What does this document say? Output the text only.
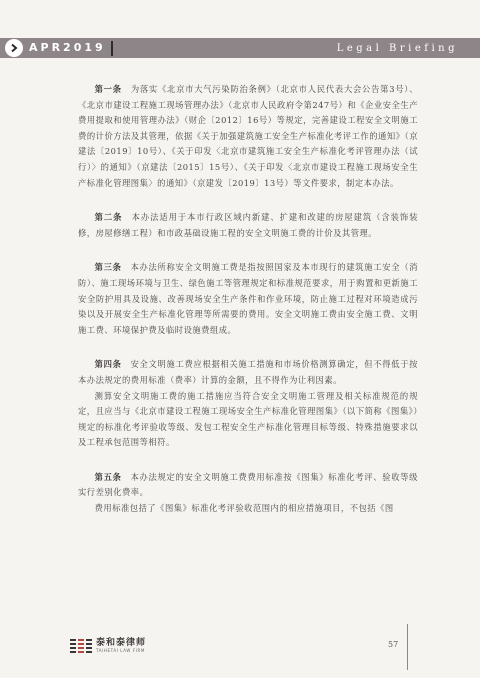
APR2019	Legal Briefing

第一条　 为落实《北京市大气污染防治条例》（北京市人民代表大会公告第3号）、《北京市建设工程施工现场管理办法》（北京市人民政府令第247号）和《企业安全生产费用提取和使用管理办法》（财企〔2012〕16号）等规定，完善建设工程安全文明施工费的计价方法及其管理，依据《关于加强建筑施工安全生产标准化考评工作的通知》（京建法〔2019〕10号）、《关于印发〈北京市建筑施工安全生产标准化考评管理办法（试行）〉的通知》（京建法〔2015〕15号）、《关于印发〈北京市建设工程施工现场安全生产标准化管理图集〉的通知》（京建发〔2019〕13号）等文件要求，制定本办法。

第二条　 本办法适用于本市行政区域内新建、扩建和改建的房屋建筑（含装饰装修，房屋修缮工程）和市政基础设施工程的安全文明施工费的计价及其管理。

第三条　 本办法所称安全文明施工费是指按照国家及本市现行的建筑施工安全（消防）、施工现场环境与卫生、绿色施工等管理规定和标准规范要求，用于购置和更新施工安全防护用具及设施、改善现场安全生产条件和作业环境，防止施工过程对环境造成污染以及开展安全生产标准化管理等所需要的费用。安全文明施工费由安全施工费、文明施工费、环境保护费及临时设施费组成。

第四条　 安全文明施工费应根据相关施工措施和市场价格测算确定，但不得低于按本办法规定的费用标准（费率）计算的金额，且不得作为让利因素。

测算安全文明施工费的施工措施应当符合安全文明施工管理及相关标准规范的规定，且应当与《北京市建设工程施工现场安全生产标准化管理图集》（以下简称《图集》）规定的标准化考评验收等级、发包工程安全生产标准化管理目标等级、特殊措施要求以及工程承包范围等相符。

第五条　 本办法规定的安全文明施工费费用标准按《图集》标准化考评、验收等级实行差别化费率。

费用标准包括了《图集》标准化考评验收范围内的相应措施项目，不包括《图

泰和泰律师
TAIHETAI LAW FIRM
57
